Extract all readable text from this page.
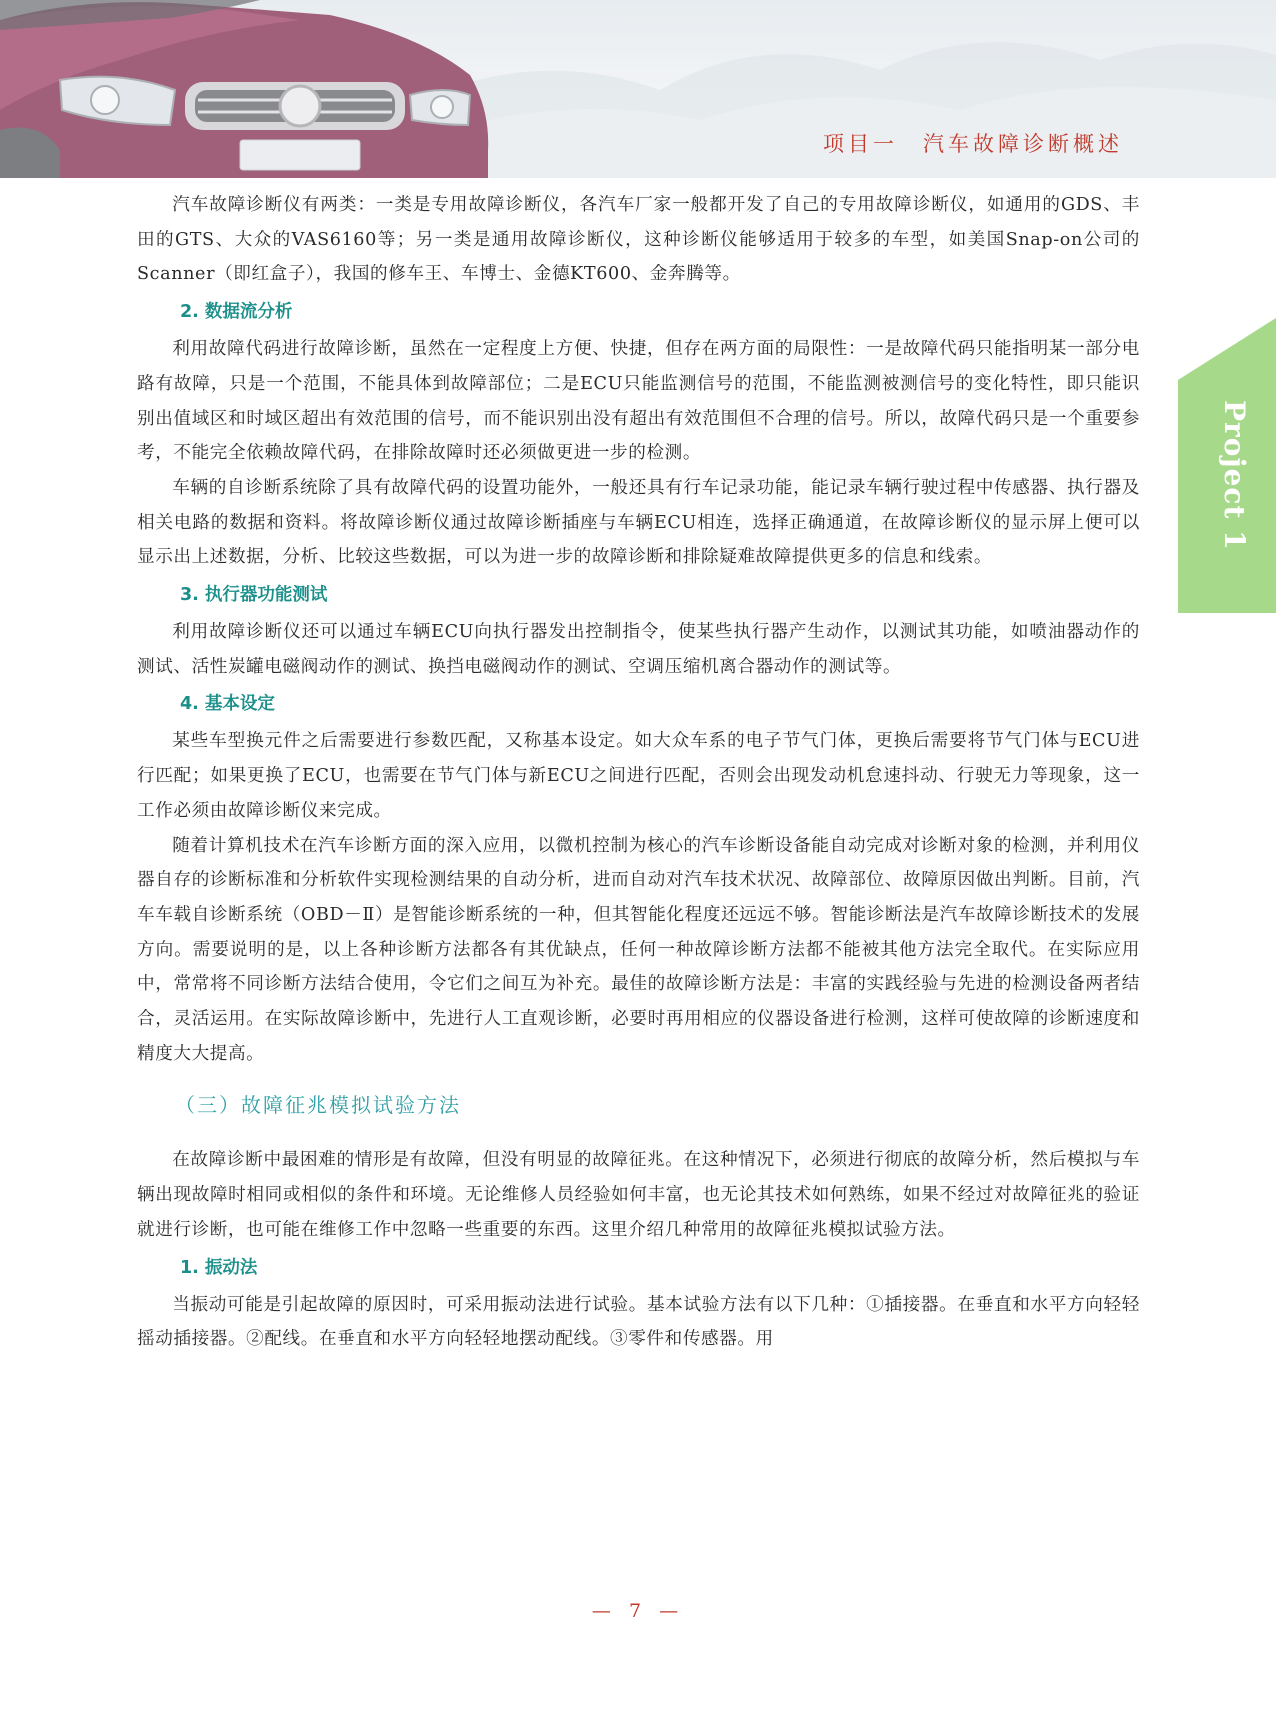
项目一　汽车故障诊断概述
Project 1

汽车故障诊断仪有两类：一类是专用故障诊断仪，各汽车厂家一般都开发了自己的专用故障诊断仪，如通用的GDS、丰田的GTS、大众的VAS6160等；另一类是通用故障诊断仪，这种诊断仪能够适用于较多的车型，如美国Snap-on公司的Scanner（即红盒子），我国的修车王、车博士、金德KT600、金奔腾等。

2. 数据流分析

利用故障代码进行故障诊断，虽然在一定程度上方便、快捷，但存在两方面的局限性：一是故障代码只能指明某一部分电路有故障，只是一个范围，不能具体到故障部位；二是ECU只能监测信号的范围，不能监测被测信号的变化特性，即只能识别出值域区和时域区超出有效范围的信号，而不能识别出没有超出有效范围但不合理的信号。所以，故障代码只是一个重要参考，不能完全依赖故障代码，在排除故障时还必须做更进一步的检测。

车辆的自诊断系统除了具有故障代码的设置功能外，一般还具有行车记录功能，能记录车辆行驶过程中传感器、执行器及相关电路的数据和资料。将故障诊断仪通过故障诊断插座与车辆ECU相连，选择正确通道，在故障诊断仪的显示屏上便可以显示出上述数据，分析、比较这些数据，可以为进一步的故障诊断和排除疑难故障提供更多的信息和线索。

3. 执行器功能测试

利用故障诊断仪还可以通过车辆ECU向执行器发出控制指令，使某些执行器产生动作，以测试其功能，如喷油器动作的测试、活性炭罐电磁阀动作的测试、换挡电磁阀动作的测试、空调压缩机离合器动作的测试等。

4. 基本设定

某些车型换元件之后需要进行参数匹配，又称基本设定。如大众车系的电子节气门体，更换后需要将节气门体与ECU进行匹配；如果更换了ECU，也需要在节气门体与新ECU之间进行匹配，否则会出现发动机怠速抖动、行驶无力等现象，这一工作必须由故障诊断仪来完成。

随着计算机技术在汽车诊断方面的深入应用，以微机控制为核心的汽车诊断设备能自动完成对诊断对象的检测，并利用仪器自存的诊断标准和分析软件实现检测结果的自动分析，进而自动对汽车技术状况、故障部位、故障原因做出判断。目前，汽车车载自诊断系统（OBD－Ⅱ）是智能诊断系统的一种，但其智能化程度还远远不够。智能诊断法是汽车故障诊断技术的发展方向。需要说明的是，以上各种诊断方法都各有其优缺点，任何一种故障诊断方法都不能被其他方法完全取代。在实际应用中，常常将不同诊断方法结合使用，令它们之间互为补充。最佳的故障诊断方法是：丰富的实践经验与先进的检测设备两者结合，灵活运用。在实际故障诊断中，先进行人工直观诊断，必要时再用相应的仪器设备进行检测，这样可使故障的诊断速度和精度大大提高。

（三）故障征兆模拟试验方法

在故障诊断中最困难的情形是有故障，但没有明显的故障征兆。在这种情况下，必须进行彻底的故障分析，然后模拟与车辆出现故障时相同或相似的条件和环境。无论维修人员经验如何丰富，也无论其技术如何熟练，如果不经过对故障征兆的验证就进行诊断，也可能在维修工作中忽略一些重要的东西。这里介绍几种常用的故障征兆模拟试验方法。

1. 振动法

当振动可能是引起故障的原因时，可采用振动法进行试验。基本试验方法有以下几种：①插接器。在垂直和水平方向轻轻摇动插接器。②配线。在垂直和水平方向轻轻地摆动配线。③零件和传感器。用

— 7 —
